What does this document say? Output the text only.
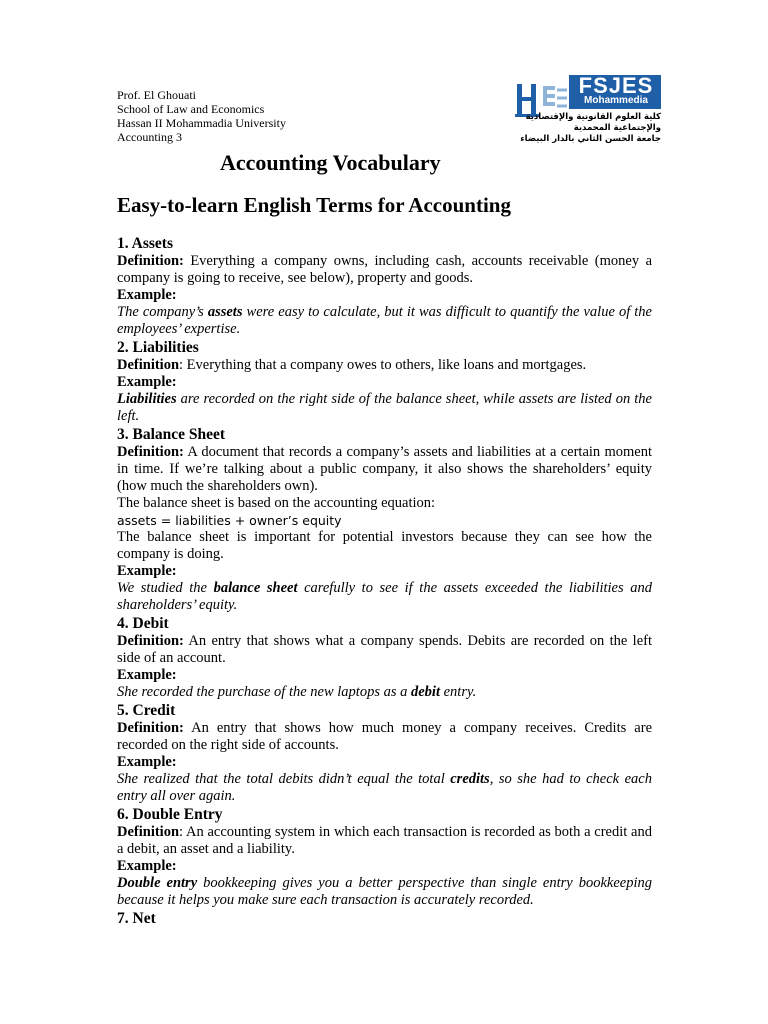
Prof. El Ghouati
School of Law and Economics
Hassan II Mohammadia University
Accounting 3
FSJES
Mohammedia
كلية العلوم القانونية والإقتصادية
والإجتماعية المحمدية
جامعة الحسن الثاني بالدار البيضاء
Accounting Vocabulary
Easy-to-learn English Terms for Accounting

1. Assets

Definition: Everything a company owns, including cash, accounts receivable (money a company is going to receive, see below), property and goods.

Example:

The company’s assets were easy to calculate, but it was difficult to quantify the value of the employees’ expertise.

2. Liabilities

Definition: Everything that a company owes to others, like loans and mortgages.

Example:

Liabilities are recorded on the right side of the balance sheet, while assets are listed on the left.

3. Balance Sheet

Definition: A document that records a company’s assets and liabilities at a certain moment in time. If we’re talking about a public company, it also shows the shareholders’ equity (how much the shareholders own).

The balance sheet is based on the accounting equation:

assets = liabilities + owner’s equity

The balance sheet is important for potential investors because they can see how the company is doing.

Example:

We studied the balance sheet carefully to see if the assets exceeded the liabilities and shareholders’ equity.

4. Debit

Definition: An entry that shows what a company spends. Debits are recorded on the left side of an account.

Example:

She recorded the purchase of the new laptops as a debit entry.

5. Credit

Definition: An entry that shows how much money a company receives. Credits are recorded on the right side of accounts.

Example:

She realized that the total debits didn’t equal the total credits, so she had to check each entry all over again.

6. Double Entry

Definition: An accounting system in which each transaction is recorded as both a credit and a debit, an asset and a liability.

Example:

Double entry bookkeeping gives you a better perspective than single entry bookkeeping because it helps you make sure each transaction is accurately recorded.

7. Net
